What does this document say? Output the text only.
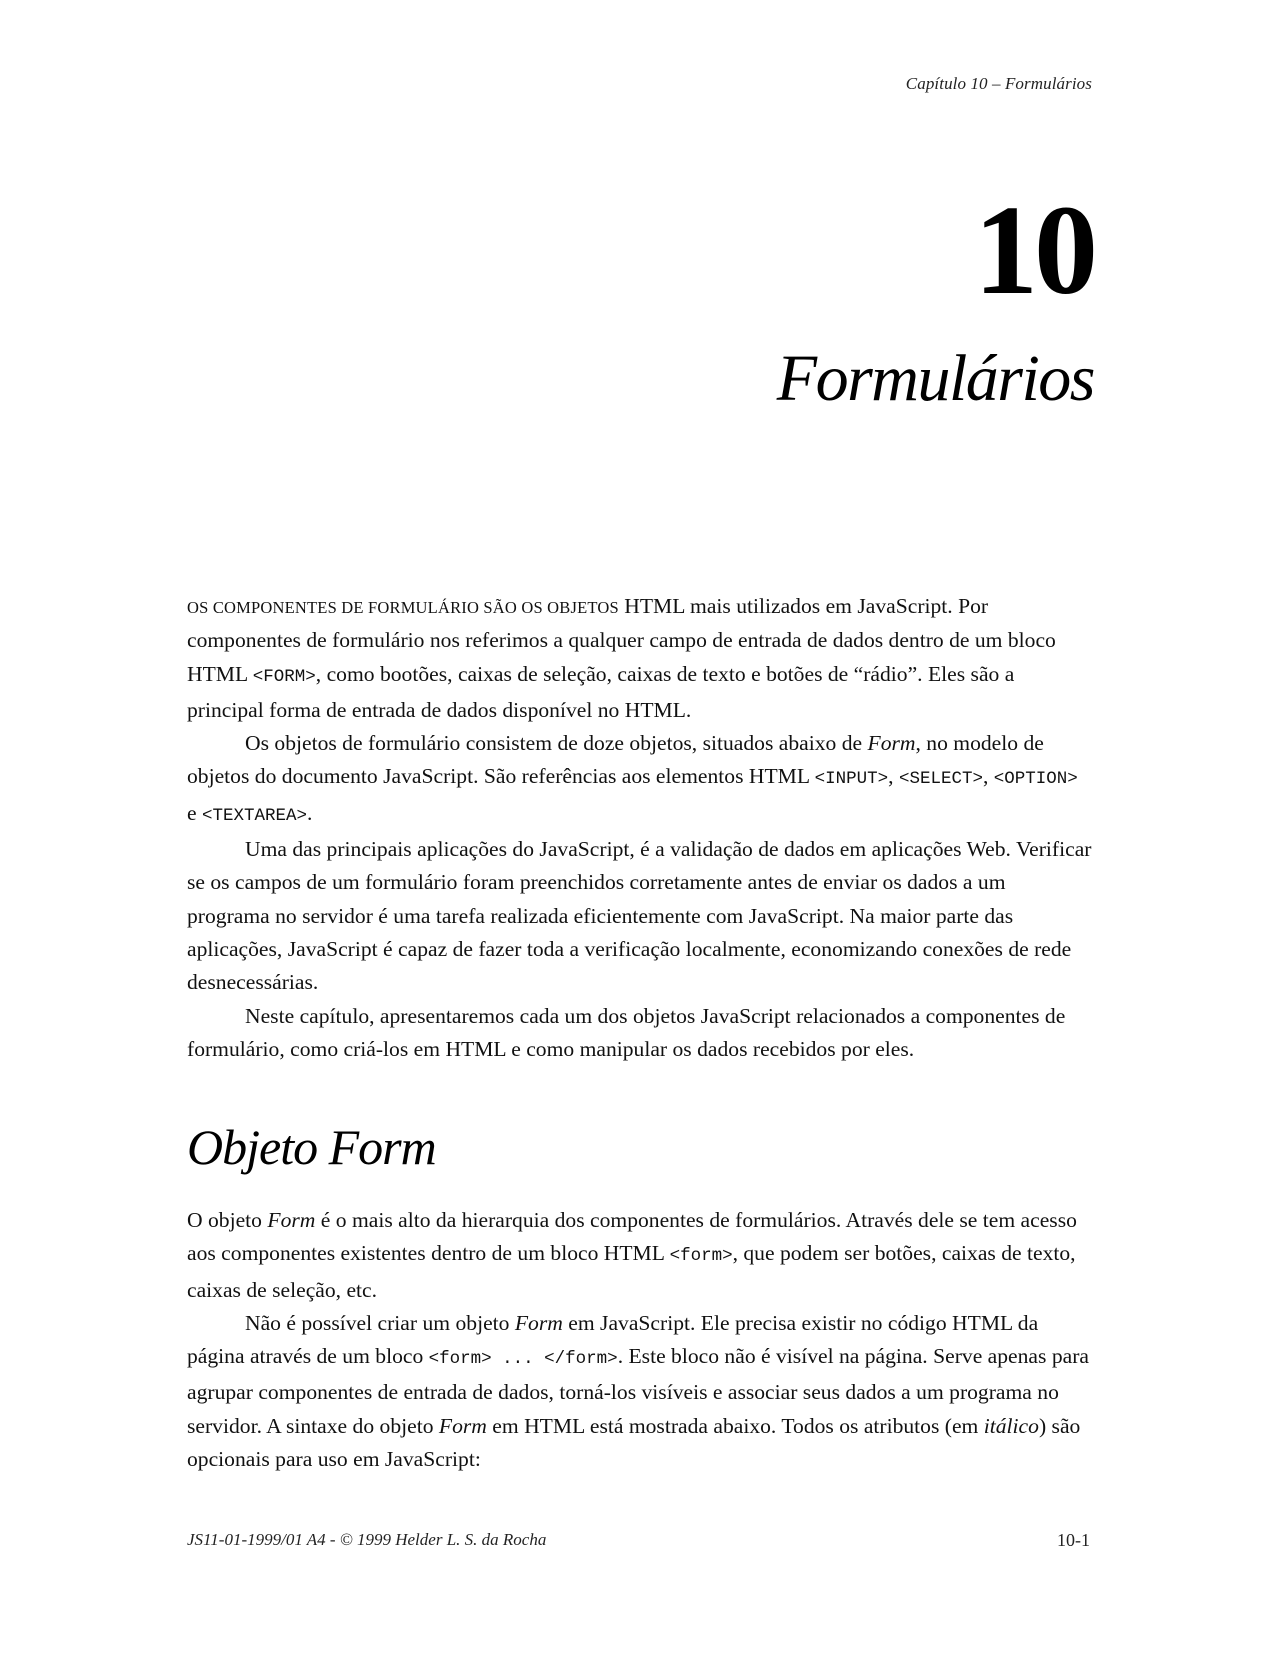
Capítulo 10 – Formulários
10
Formulários

OS COMPONENTES DE FORMULÁRIO SÃO OS OBJETOS HTML mais utilizados em JavaScript. Por componentes de formulário nos referimos a qualquer campo de entrada de dados dentro de um bloco HTML <FORM>, como bootões, caixas de seleção, caixas de texto e botões de “rádio”. Eles são a principal forma de entrada de dados disponível no HTML.

Os objetos de formulário consistem de doze objetos, situados abaixo de Form, no modelo de objetos do documento JavaScript. São referências aos elementos HTML <INPUT>, <SELECT>, <OPTION> e <TEXTAREA>.

Uma das principais aplicações do JavaScript, é a validação de dados em aplicações Web. Verificar se os campos de um formulário foram preenchidos corretamente antes de enviar os dados a um programa no servidor é uma tarefa realizada eficientemente com JavaScript. Na maior parte das aplicações, JavaScript é capaz de fazer toda a verificação localmente, economizando conexões de rede desnecessárias.

Neste capítulo, apresentaremos cada um dos objetos JavaScript relacionados a componentes de formulário, como criá-los em HTML e como manipular os dados recebidos por eles.

Objeto Form

O objeto Form é o mais alto da hierarquia dos componentes de formulários. Através dele se tem acesso aos componentes existentes dentro de um bloco HTML <form>, que podem ser botões, caixas de texto, caixas de seleção, etc.

Não é possível criar um objeto Form em JavaScript. Ele precisa existir no código HTML da página através de um bloco <form> ... </form>. Este bloco não é visível na página. Serve apenas para agrupar componentes de entrada de dados, torná-los visíveis e associar seus dados a um programa no servidor. A sintaxe do objeto Form em HTML está mostrada abaixo. Todos os atributos (em itálico) são opcionais para uso em JavaScript:

JS11-01-1999/01 A4 - © 1999 Helder L. S. da Rocha	10-1
